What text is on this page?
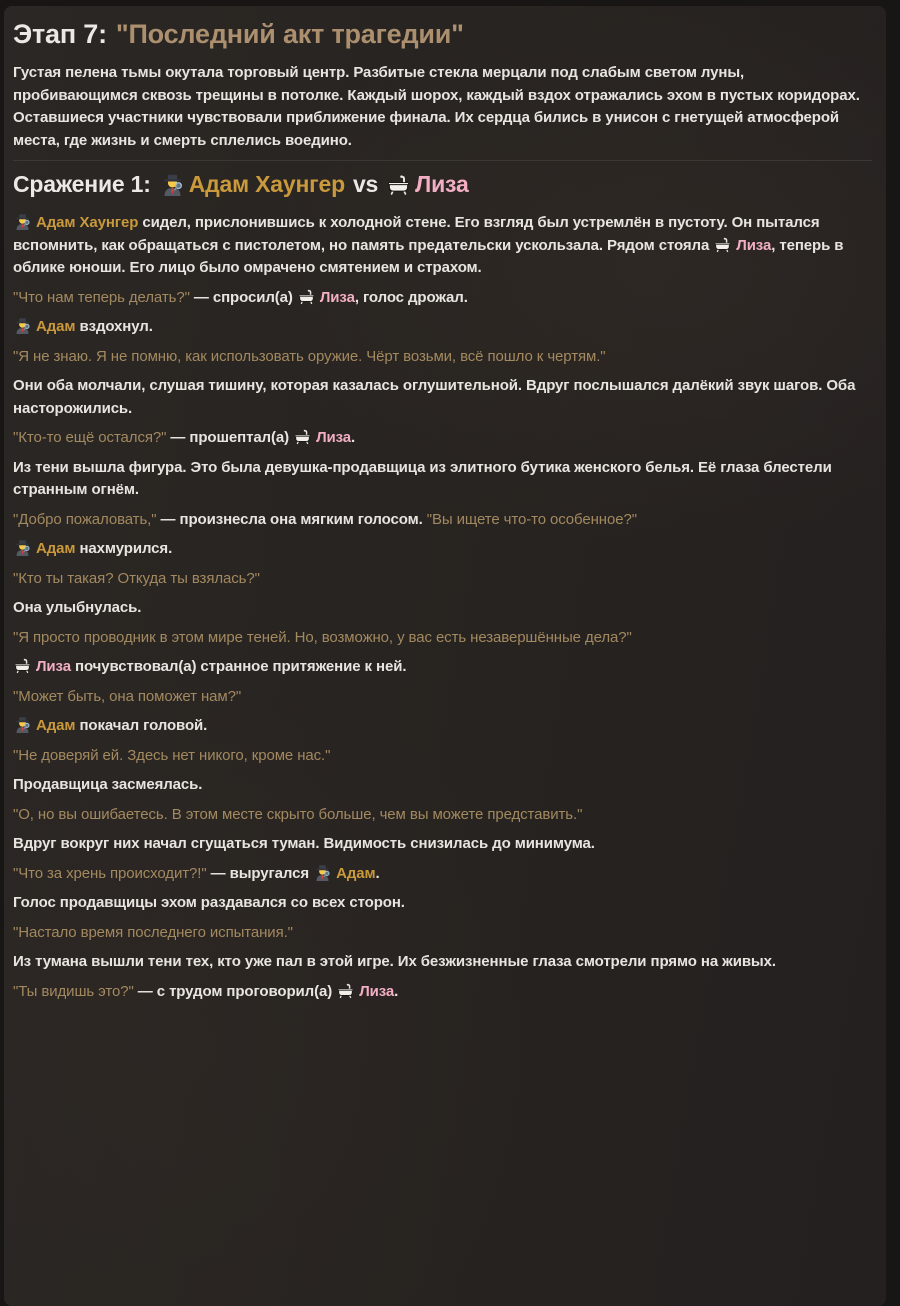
Этап 7: "Последний акт трагедии"

Густая пелена тьмы окутала торговый центр. Разбитые стекла мерцали под слабым светом луны, пробивающимся сквозь трещины в потолке. Каждый шорох, каждый вздох отражались эхом в пустых коридорах. Оставшиеся участники чувствовали приближение финала. Их сердца бились в унисон с гнетущей атмосферой места, где жизнь и смерть сплелись воедино.

Сражение 1: Адам Хаунгер vs Лиза

Адам Хаунгер сидел, прислонившись к холодной стене. Его взгляд был устремлён в пустоту. Он пытался вспомнить, как обращаться с пистолетом, но память предательски ускользала. Рядом стояла Лиза, теперь в облике юноши. Его лицо было омрачено смятением и страхом.

"Что нам теперь делать?" — спросил(а) Лиза, голос дрожал.

Адам вздохнул.

"Я не знаю. Я не помню, как использовать оружие. Чёрт возьми, всё пошло к чертям."

Они оба молчали, слушая тишину, которая казалась оглушительной. Вдруг послышался далёкий звук шагов. Оба насторожились.

"Кто-то ещё остался?" — прошептал(а) Лиза.

Из тени вышла фигура. Это была девушка-продавщица из элитного бутика женского белья. Её глаза блестели странным огнём.

"Добро пожаловать," — произнесла она мягким голосом. "Вы ищете что-то особенное?"

Адам нахмурился.

"Кто ты такая? Откуда ты взялась?"

Она улыбнулась.

"Я просто проводник в этом мире теней. Но, возможно, у вас есть незавершённые дела?"

Лиза почувствовал(а) странное притяжение к ней.

"Может быть, она поможет нам?"

Адам покачал головой.

"Не доверяй ей. Здесь нет никого, кроме нас."

Продавщица засмеялась.

"О, но вы ошибаетесь. В этом месте скрыто больше, чем вы можете представить."

Вдруг вокруг них начал сгущаться туман. Видимость снизилась до минимума.

"Что за хрень происходит?!" — выругался Адам.

Голос продавщицы эхом раздавался со всех сторон.

"Настало время последнего испытания."

Из тумана вышли тени тех, кто уже пал в этой игре. Их безжизненные глаза смотрели прямо на живых.

"Ты видишь это?" — с трудом проговорил(а) Лиза.
